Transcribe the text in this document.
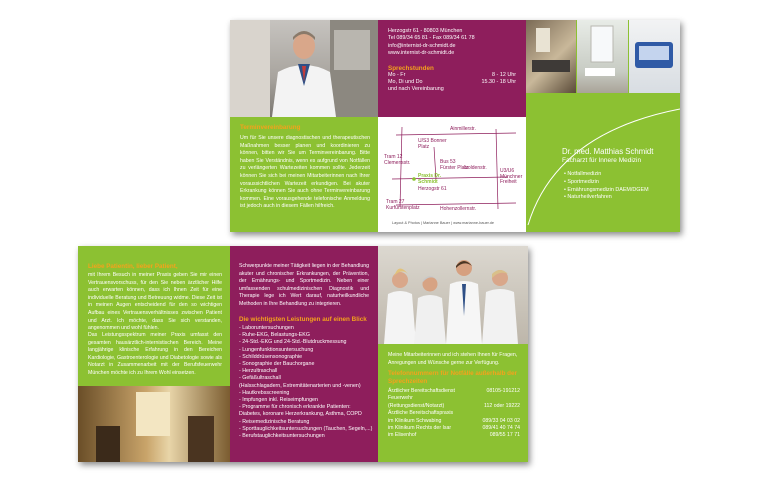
Terminvereinbarung
Um für Sie unsere diagnostischen und therapeutischen Maßnahmen besser planen und koordinieren zu können, bitten wir Sie um Terminvereinbarung. Bitte haben Sie Verständnis, wenn es aufgrund von Notfällen zu verlängerten Wartezeiten kommen sollte. Jederzeit können Sie sich bei meinen Mitarbeiterinnen nach Ihrer voraussichtlichen Wartezeit erkundigen. Bei akuter Erkrankung können Sie auch ohne Terminvereinbarung kommen. Eine vorausgehende telefonische Anmeldung ist jedoch auch in diesem Fällen hilfreich.
Herzogstr 61 - 80803 München
Tel 089/34 65 81 - Fax 089/34 61 78
info@internist-dr-schmidt.de
www.internist-dr-schmidt.de
Sprechstunden
Mo - Fr	8 - 12 Uhr
Mo, Di und Do	15.30 - 18 Uhr
und nach Vereinbarung
Ainmillerstr.
U/S3 Bonner Platz
Tram 12 Clemensstr.	Bus 53 Fürster Platz
Praxis Dr. Schmidt
Herzogstr 61
Isoldenstr.	U3/U6 Münchner Freiheit
Tram 27 Kurfürstenplatz	Hohenzollernstr.
Layout & Photos | Marianne Bauer | www.marianne-bauer.de
Dr. med. Matthias Schmidt
Facharzt für Innere Medizin
• Notfallmedizin
• Sportmedizin
• Ernährungsmedizin DAEM/DGEM
• Naturheilverfahren
Liebe Patientin, lieber Patient,
mit Ihrem Besuch in meiner Praxis geben Sie mir einen Vertrauensvorschuss, für den Sie neben ärztlicher Hilfe auch erwarten können, dass ich Ihnen Zeit für eine individuelle Beratung und Betreuung widme. Diese Zeit ist in meinen Augen entscheidend für den so wichtigen Aufbau eines Vertrauensverhältnisses zwischen Patient und Arzt. Ich möchte, dass Sie sich verstanden, angenommen und wohl fühlen.
Das Leistungsspektrum meiner Praxis umfasst den gesamten hausärztlich-internistischen Bereich. Meine langjährige klinische Erfahrung in den Bereichen Kardiologie, Gastroenterologie und Diabetologie sowie als Notarzt in Zusammenarbeit mit der Berufsfeuerwehr München möchte ich zu Ihrem Wohl einsetzen.
Schwerpunkte meiner Tätigkeit liegen in der Behandlung akuter und chronischer Erkrankungen, der Prävention, der Ernährungs- und Sportmedizin. Neben einer umfassenden schulmedizinischen Diagnostik und Therapie lege ich Wert darauf, naturheilkundliche Methoden in Ihre Behandlung zu integrieren.
Die wichtigsten Leistungen auf einen Blick
- Laboruntersuchungen
- Ruhe-EKG, Belastungs-EKG
- 24-Std.-EKG und 24-Std.-Blutdruckmessung
- Lungenfunktionsuntersuchung
- Schilddrüsensonographie
- Sonographie der Bauchorgane
- Herzultraschall
- Gefäßultraschall
(Halsschlagadern, Extremitätenarterien und -venen)
- Hautkrebsscreening
- Impfungen inkl. Reiseimpfungen
- Programme für chronisch erkrankte Patienten:
Diabetes, koronare Herzerkrankung, Asthma, COPD
- Reisemedizinische Beratung
- Sporttauglichkeitsuntersuchungen (Tauchen, Segeln,...)
- Berufstauglichkeitsuntersuchungen
Meine Mitarbeiterinnen und ich stehen Ihnen für Fragen, Anregungen und Wünsche gerne zur Verfügung.
Telefonnummern für Notfälle außerhalb der Sprechzeiten
Ärztlicher Bereitschaftsdienst	08105-191212
Feuerwehr
(Rettungsdienst/Notarzt)	112 oder 19222
Ärztliche Bereitschaftspraxis
im Klinikum Schwabing	089/33 04 03 02
im Klinikum Rechts der Isar	089/41 40 74 74
im Elisenhof	089/55 17 71
